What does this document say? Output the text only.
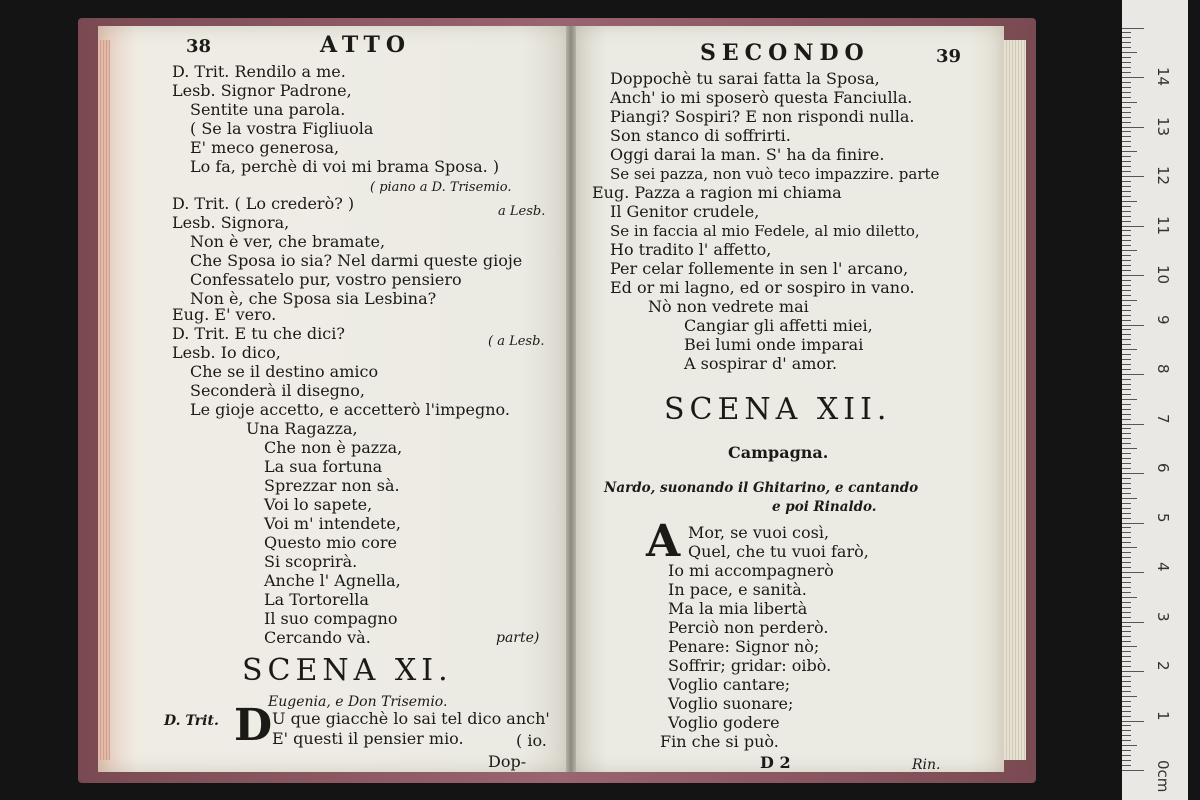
38	ATTO
D. Trit. Rendilo a me.
Lesb. Signor Padrone,
Sentite una parola.
( Se la vostra Figliuola
E' meco generosa,
Lo fa, perchè di voi mi brama Sposa. )
( piano a D. Trisemio.
D. Trit. ( Lo crederò? )	a Lesb.
Lesb. Signora,
Non è ver, che bramate,
Che Sposa io sia? Nel darmi queste gioje
Confessatelo pur, vostro pensiero
Non è, che Sposa sia Lesbina?
Eug. E' vero.
D. Trit. E tu che dici?	( a Lesb.
Lesb. Io dico,
Che se il destino amico
Seconderà il disegno,
Le gioje accetto, e accetterò l'impegno.
Una Ragazza,
Che non è pazza,
La sua fortuna
Sprezzar non sà.
Voi lo sapete,
Voi m' intendete,
Questo mio core
Si scoprirà.
Anche l' Agnella,
La Tortorella
Il suo compagno
Cercando và.	parte)
SCENA XI.
Eugenia, e Don Trisemio.
D. Trit. D U que giacchè lo sai tel dico anch'
E' questi il pensier mio.	( io.
Dop-
SECONDO	39
Doppochè tu sarai fatta la Sposa,
Anch' io mi sposerò questa Fanciulla.
Piangi? Sospiri? E non rispondi nulla.
Son stanco di soffrirti.
Oggi darai la man. S' ha da finire.
Se sei pazza, non vuò teco impazzire. parte
Eug. Pazza a ragion mi chiama
Il Genitor crudele,
Se in faccia al mio Fedele, al mio diletto,
Ho tradito l' affetto,
Per celar follemente in sen l' arcano,
Ed or mi lagno, ed or sospiro in vano.
Nò non vedrete mai
Cangiar gli affetti miei,
Bei lumi onde imparai
A sospirar d' amor.
SCENA XII.
Campagna.
Nardo, suonando il Ghitarino, e cantando
e poi Rinaldo.
A Mor, se vuoi così,
Quel, che tu vuoi farò,
Io mi accompagnerò
In pace, e sanità.
Ma la mia libertà
Perciò non perderò.
Penare: Signor nò;
Soffrir; gridar: oibò.
Voglio cantare;
Voglio suonare;
Voglio godere
Fin che si può.
D 2	Rin.	0cm
1
2
3
4
5
6
7
8
9
10
11
12
13
14
